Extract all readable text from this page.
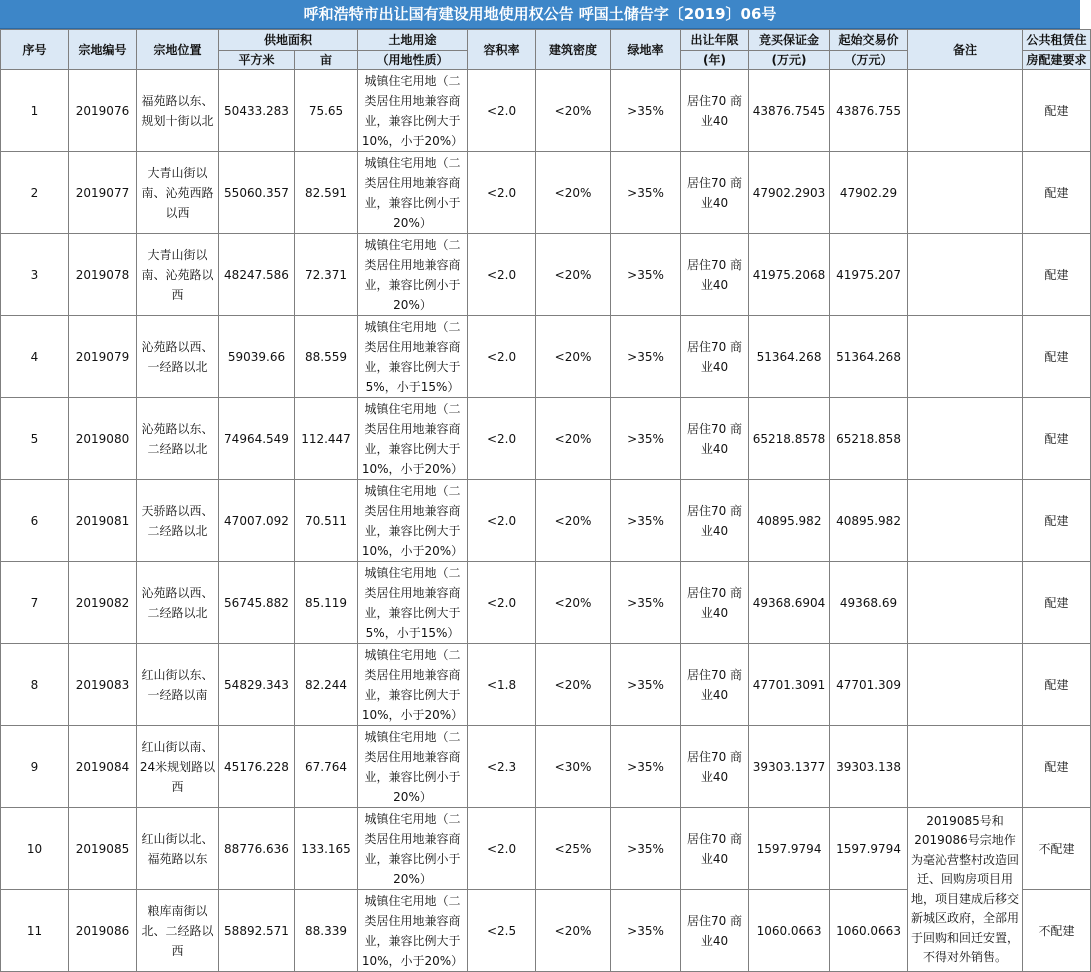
呼和浩特市出让国有建设用地使用权公告 呼国土储告字〔2019〕06号
序号	宗地编号	宗地位置	供地面积		土地用途	容积率	建筑密度	绿地率	出让年限	竞买保证金	起始交易价	备注	公共租赁住
			平方米	亩	（用地性质）				(年)	(万元)	（万元）		房配建要求
1	2019076	福苑路以东、规划十街以北	50433.283	75.65	城镇住宅用地（二类居住用地兼容商业，兼容比例大于10%，小于20%）	<2.0	<20%	>35%	居住70 商业40	43876.7545	43876.755		配建
2	2019077	大青山街以南、沁苑西路以西	55060.357	82.591	城镇住宅用地（二类居住用地兼容商业，兼容比例小于20%）	<2.0	<20%	>35%	居住70 商业40	47902.2903	47902.29		配建
3	2019078	大青山街以南、沁苑路以西	48247.586	72.371	城镇住宅用地（二类居住用地兼容商业，兼容比例小于20%）	<2.0	<20%	>35%	居住70 商业40	41975.2068	41975.207		配建
4	2019079	沁苑路以西、一经路以北	59039.66	88.559	城镇住宅用地（二类居住用地兼容商业，兼容比例大于5%，小于15%）	<2.0	<20%	>35%	居住70 商业40	51364.268	51364.268		配建
5	2019080	沁苑路以东、二经路以北	74964.549	112.447	城镇住宅用地（二类居住用地兼容商业，兼容比例大于10%，小于20%）	<2.0	<20%	>35%	居住70 商业40	65218.8578	65218.858		配建
6	2019081	天骄路以西、二经路以北	47007.092	70.511	城镇住宅用地（二类居住用地兼容商业，兼容比例大于10%，小于20%）	<2.0	<20%	>35%	居住70 商业40	40895.982	40895.982		配建
7	2019082	沁苑路以西、二经路以北	56745.882	85.119	城镇住宅用地（二类居住用地兼容商业，兼容比例大于5%，小于15%）	<2.0	<20%	>35%	居住70 商业40	49368.6904	49368.69		配建
8	2019083	红山街以东、一经路以南	54829.343	82.244	城镇住宅用地（二类居住用地兼容商业，兼容比例大于10%，小于20%）	<1.8	<20%	>35%	居住70 商业40	47701.3091	47701.309		配建
9	2019084	红山街以南、24米规划路以西	45176.228	67.764	城镇住宅用地（二类居住用地兼容商业，兼容比例小于20%）	<2.3	<30%	>35%	居住70 商业40	39303.1377	39303.138		配建
10	2019085	红山街以北、福苑路以东	88776.636	133.165	城镇住宅用地（二类居住用地兼容商业，兼容比例小于20%）	<2.0	<25%	>35%	居住70 商业40	1597.9794	1597.9794	2019085号和2019086号宗地作为毫沁营整村改造回迁、回购房项目用地，项目建成后移交新城区政府，全部用于回购和回迁安置，不得对外销售。	不配建
11	2019086	粮库南街以北、二经路以西	58892.571	88.339	城镇住宅用地（二类居住用地兼容商业，兼容比例大于10%，小于20%）	<2.5	<20%	>35%	居住70 商业40	1060.0663	1060.0663		不配建
